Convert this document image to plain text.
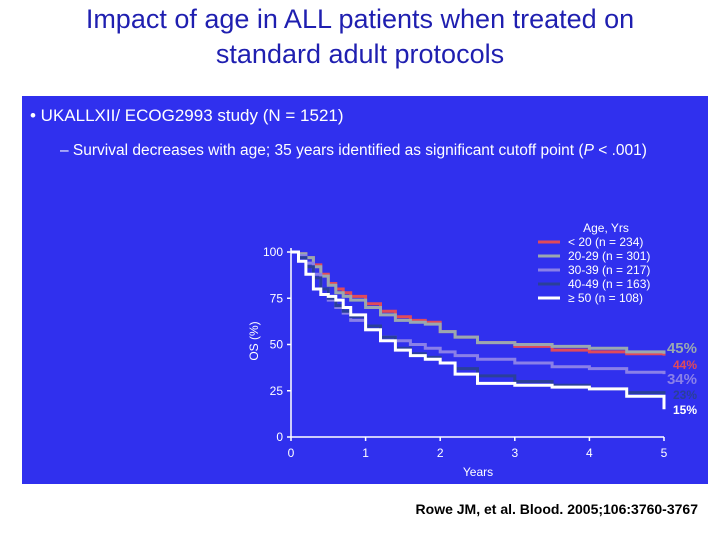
Impact of age in ALL patients when treated on
standard adult protocols
• UKALLXII/ ECOG2993 study (N = 1521)
– Survival decreases with age; 35 years identified as significant cutoff point (P < .001)
0
25
50
75
100
0	1	2	3	4	5
Years
OS (%)
Age, Yrs
< 20 (n = 234)
20-29 (n = 301)
30-39 (n = 217)
40-49 (n = 163)
≥ 50 (n = 108)
45%
44%
34%
23%
15%
Rowe JM, et al. Blood. 2005;106:3760-3767
